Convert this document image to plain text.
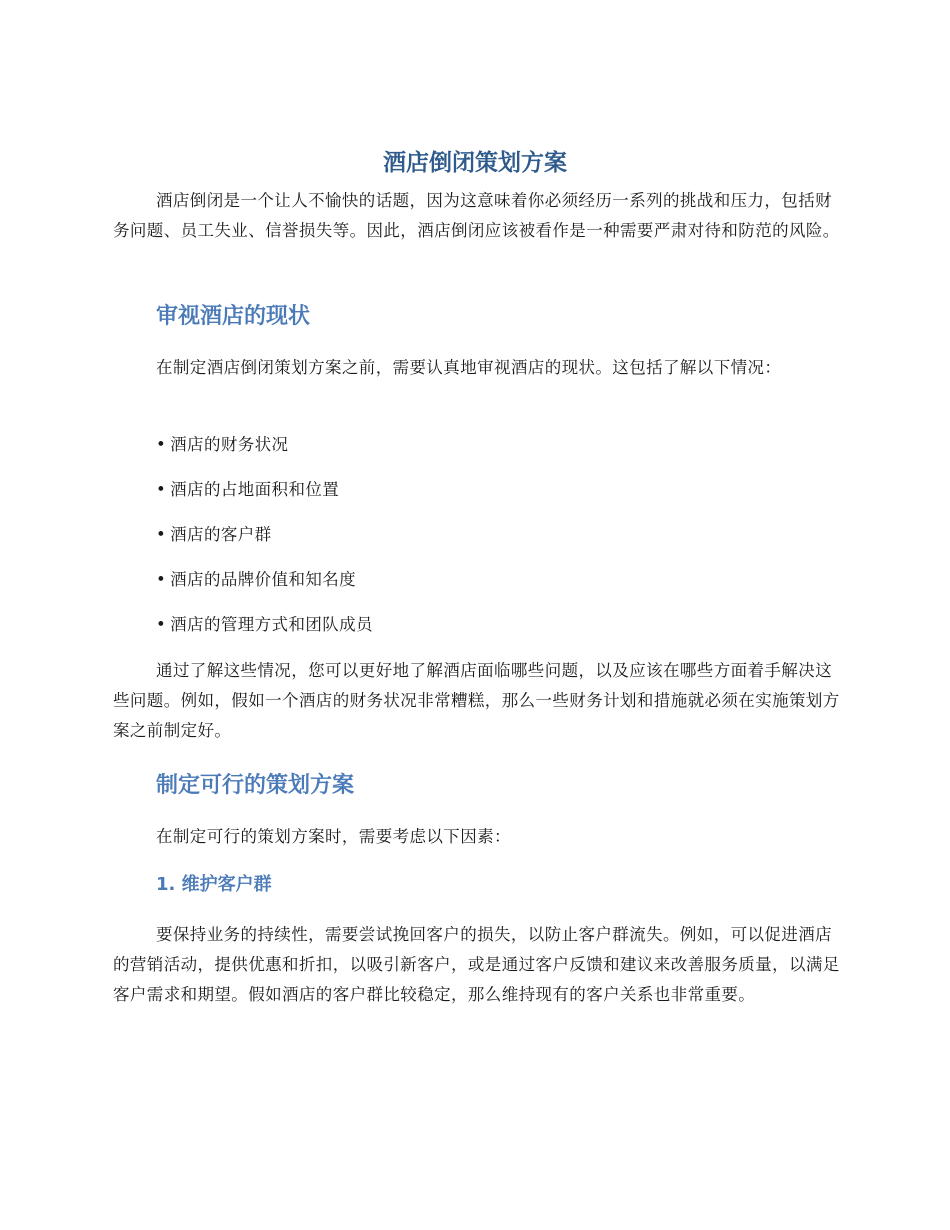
酒店倒闭策划方案

酒店倒闭是一个让人不愉快的话题，因为这意味着你必须经历一系列的挑战和压力，包括财务问题、员工失业、信誉损失等。因此，酒店倒闭应该被看作是一种需要严肃对待和防范的风险。

审视酒店的现状

在制定酒店倒闭策划方案之前，需要认真地审视酒店的现状。这包括了解以下情况：

• 酒店的财务状况
• 酒店的占地面积和位置
• 酒店的客户群
• 酒店的品牌价值和知名度
• 酒店的管理方式和团队成员

通过了解这些情况，您可以更好地了解酒店面临哪些问题，以及应该在哪些方面着手解决这些问题。例如，假如一个酒店的财务状况非常糟糕，那么一些财务计划和措施就必须在实施策划方案之前制定好。

制定可行的策划方案

在制定可行的策划方案时，需要考虑以下因素：

1. 维护客户群

要保持业务的持续性，需要尝试挽回客户的损失，以防止客户群流失。例如，可以促进酒店的营销活动，提供优惠和折扣，以吸引新客户，或是通过客户反馈和建议来改善服务质量，以满足客户需求和期望。假如酒店的客户群比较稳定，那么维持现有的客户关系也非常重要。
